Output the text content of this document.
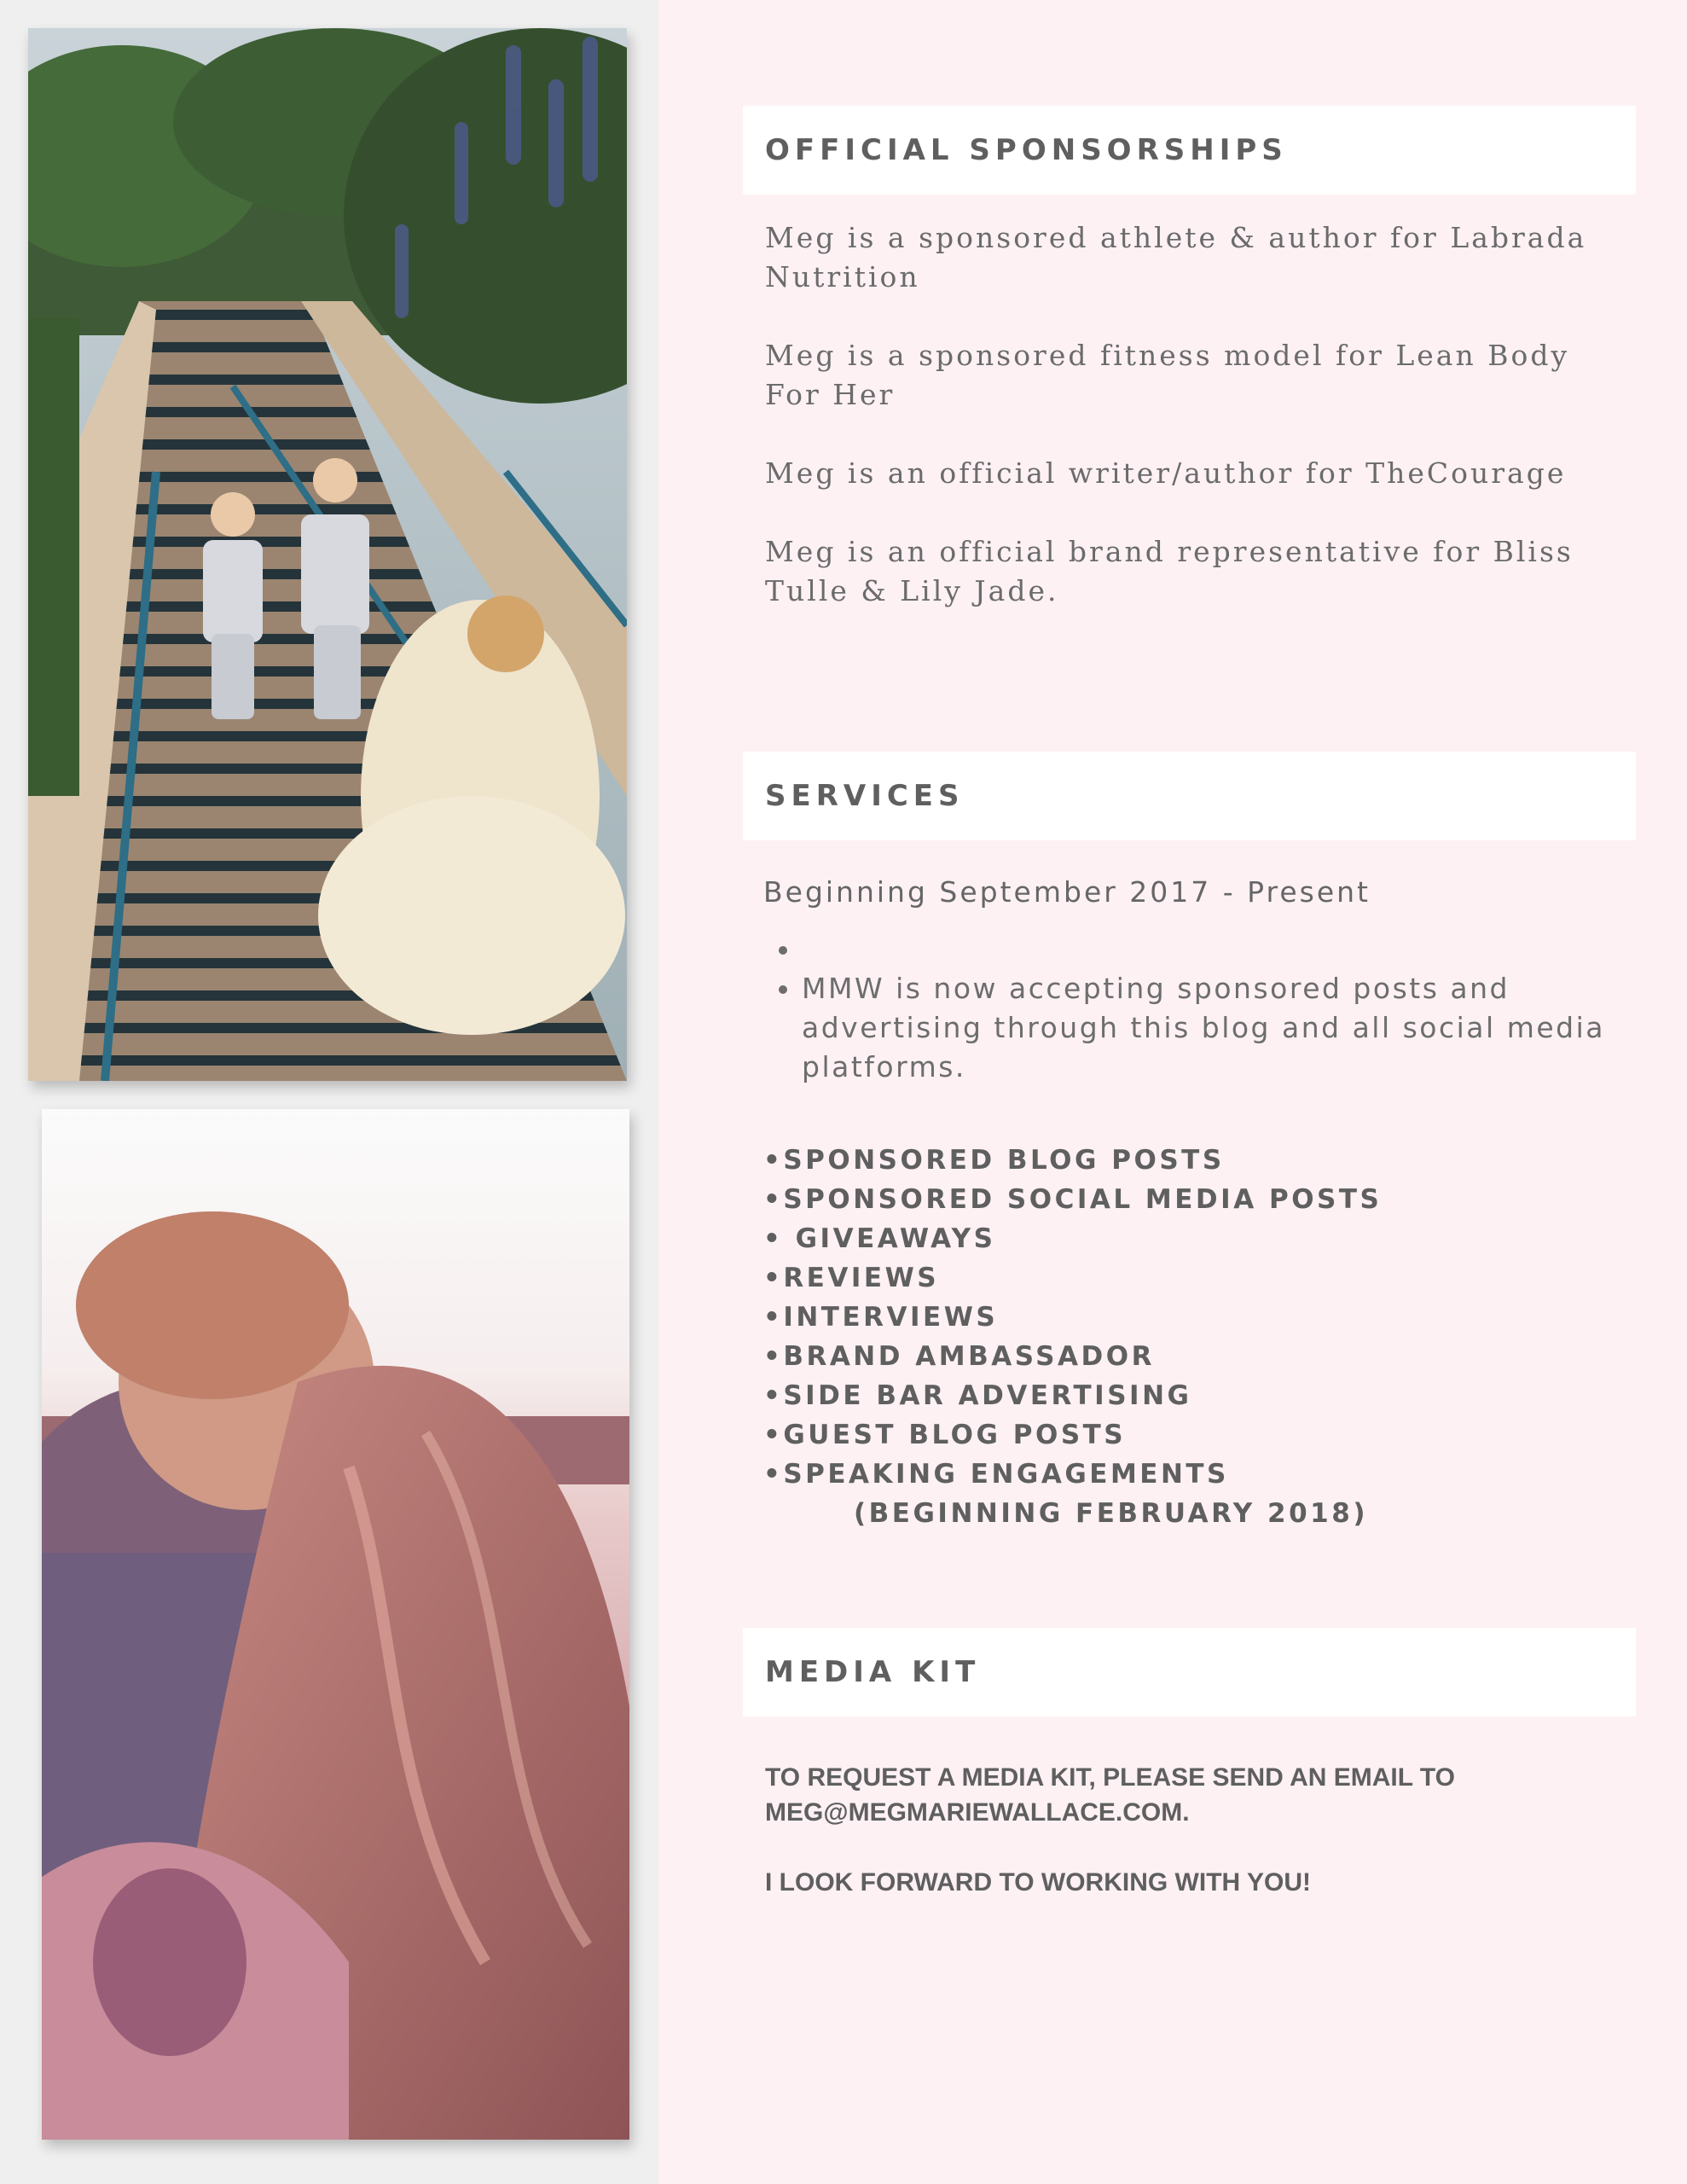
OFFICIAL SPONSORSHIPS

Meg is a sponsored athlete & author for Labrada Nutrition

Meg is a sponsored fitness model for Lean Body For Her

Meg is an official writer/author for TheCourage

Meg is an official brand representative for Bliss Tulle & Lily Jade.

SERVICES

Beginning September 2017 - Present

•
• MMW is now accepting sponsored posts and advertising through this blog and all social media platforms.
•SPONSORED BLOG POSTS
•SPONSORED SOCIAL MEDIA POSTS
• GIVEAWAYS
•REVIEWS
•INTERVIEWS
•BRAND AMBASSADOR
•SIDE BAR ADVERTISING
•GUEST BLOG POSTS
•SPEAKING ENGAGEMENTS
(BEGINNING FEBRUARY 2018)
MEDIA KIT

TO REQUEST A MEDIA KIT, PLEASE SEND AN EMAIL TO MEG@MEGMARIEWALLACE.COM.

I LOOK FORWARD TO WORKING WITH YOU!
